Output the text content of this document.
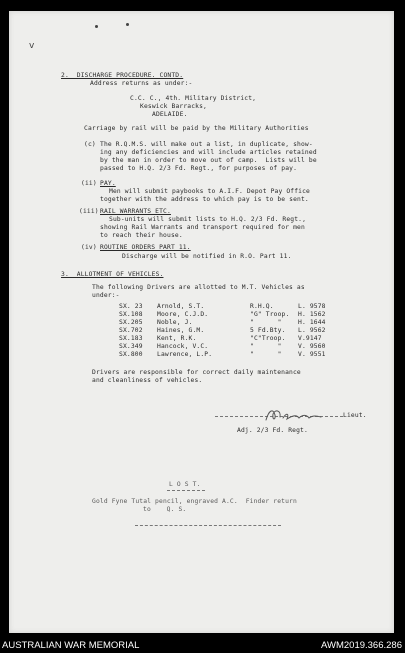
ⅴ
2.  DISCHARGE PROCEDURE. CONTD.
Address returns as under:-
C.C. C., 4th. Military District,
Keswick Barracks,
ADELAIDE.
Carriage by rail will be paid by the Military Authorities
(c) The R.Q.M.S. will make out a list, in duplicate, show-
ing any deficiencies and will include articles retained
by the man in order to move out of camp.  Lists will be
passed to H.Q. 2/3 Fd. Regt., for purposes of pay.
(ii) PAY.
Men will submit paybooks to A.I.F. Depot Pay Office
together with the address to which pay is to be sent.
(iii) RAIL WARRANTS ETC.
Sub-units will submit lists to H.Q. 2/3 Fd. Regt.,
showing Rail Warrants and transport required for men
to reach their house.
(iv) ROUTINE ORDERS PART 11.
Discharge will be notified in R.O. Part 11.
3.  ALLOTMENT OF VEHICLES.
The following Drivers are allotted to M.T. Vehicles as
under:-
SX. 23 Arnold, S.T.	R.H.Q.	L. 9578
SX.108 Moore, C.J.D.	"G" Troop. H. 1562
SX.205 Noble, J.	"      "	H. 1644
SX.702 Haines, G.M.	5 Fd.Bty. L. 9562
SX.183 Kent, R.K.	"C"Troop. V.9147
SX.349 Hancock, V.C.	"      "	V. 9560
SX.800 Lawrence, L.P.	"      "	V. 9551
Drivers are responsible for correct daily maintenance
and cleanliness of vehicles.
Lieut.
Adj. 2/3 Fd. Regt.
L O S T.
Gold Fyne Tutal pencil, engraved A.C.  Finder return
to    Q. S.
AUSTRALIAN WAR MEMORIAL	AWM2019.366.286
